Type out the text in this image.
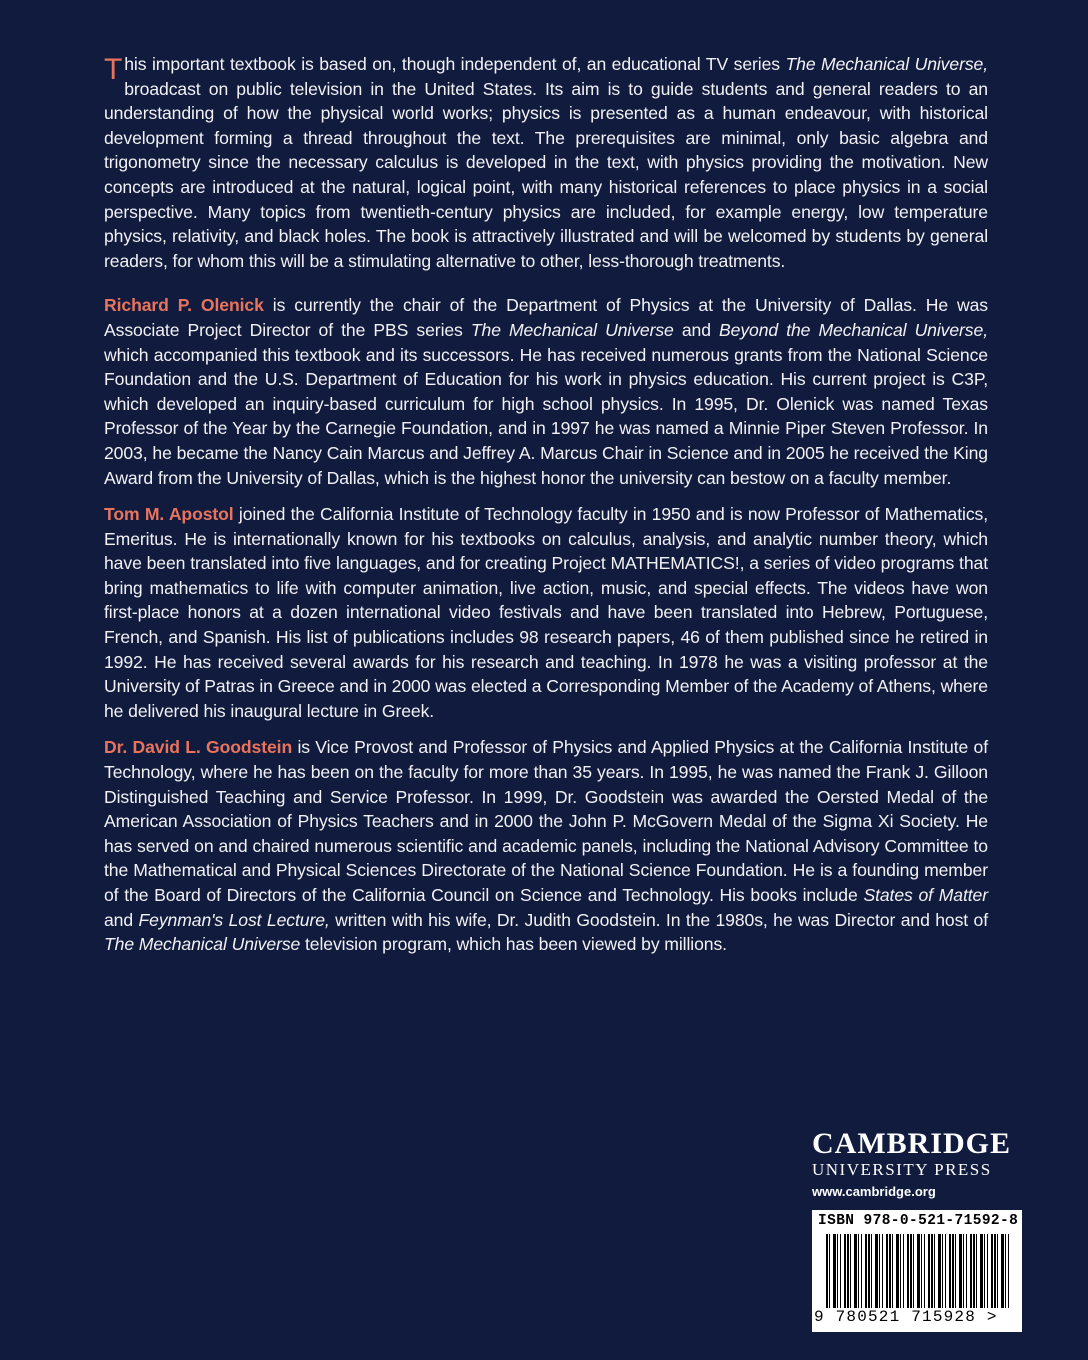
This important textbook is based on, though independent of, an educational TV series The Mechanical Universe, broadcast on public television in the United States. Its aim is to guide students and general readers to an understanding of how the physical world works; physics is presented as a human endeavour, with historical development forming a thread throughout the text. The prerequisites are minimal, only basic algebra and trigonometry since the necessary calculus is developed in the text, with physics providing the motivation. New concepts are introduced at the natural, logical point, with many historical references to place physics in a social perspective. Many topics from twentieth-century physics are included, for example energy, low temperature physics, relativity, and black holes. The book is attractively illustrated and will be welcomed by students by general readers, for whom this will be a stimulating alternative to other, less-thorough treatments.

Richard P. Olenick is currently the chair of the Department of Physics at the University of Dallas. He was Associate Project Director of the PBS series The Mechanical Universe and Beyond the Mechanical Universe, which accompanied this textbook and its successors. He has received numerous grants from the National Science Foundation and the U.S. Department of Education for his work in physics education. His current project is C3P, which developed an inquiry-based curriculum for high school physics. In 1995, Dr. Olenick was named Texas Professor of the Year by the Carnegie Foundation, and in 1997 he was named a Minnie Piper Steven Professor. In 2003, he became the Nancy Cain Marcus and Jeffrey A. Marcus Chair in Science and in 2005 he received the King Award from the University of Dallas, which is the highest honor the university can bestow on a faculty member.

Tom M. Apostol joined the California Institute of Technology faculty in 1950 and is now Professor of Mathematics, Emeritus. He is internationally known for his textbooks on calculus, analysis, and analytic number theory, which have been translated into five languages, and for creating Project MATHEMATICS!, a series of video programs that bring mathematics to life with computer animation, live action, music, and special effects. The videos have won first-place honors at a dozen international video festivals and have been translated into Hebrew, Portuguese, French, and Spanish. His list of publications includes 98 research papers, 46 of them published since he retired in 1992. He has received several awards for his research and teaching. In 1978 he was a visiting professor at the University of Patras in Greece and in 2000 was elected a Corresponding Member of the Academy of Athens, where he delivered his inaugural lecture in Greek.

Dr. David L. Goodstein is Vice Provost and Professor of Physics and Applied Physics at the California Institute of Technology, where he has been on the faculty for more than 35 years. In 1995, he was named the Frank J. Gilloon Distinguished Teaching and Service Professor. In 1999, Dr. Goodstein was awarded the Oersted Medal of the American Association of Physics Teachers and in 2000 the John P. McGovern Medal of the Sigma Xi Society. He has served on and chaired numerous scientific and academic panels, including the National Advisory Committee to the Mathematical and Physical Sciences Directorate of the National Science Foundation. He is a founding member of the Board of Directors of the California Council on Science and Technology. His books include States of Matter and Feynman's Lost Lecture, written with his wife, Dr. Judith Goodstein. In the 1980s, he was Director and host of The Mechanical Universe television program, which has been viewed by millions.

CAMBRIDGE
UNIVERSITY PRESS
www.cambridge.org
ISBN 978-0-521-71592-8
9 780521 715928 >
